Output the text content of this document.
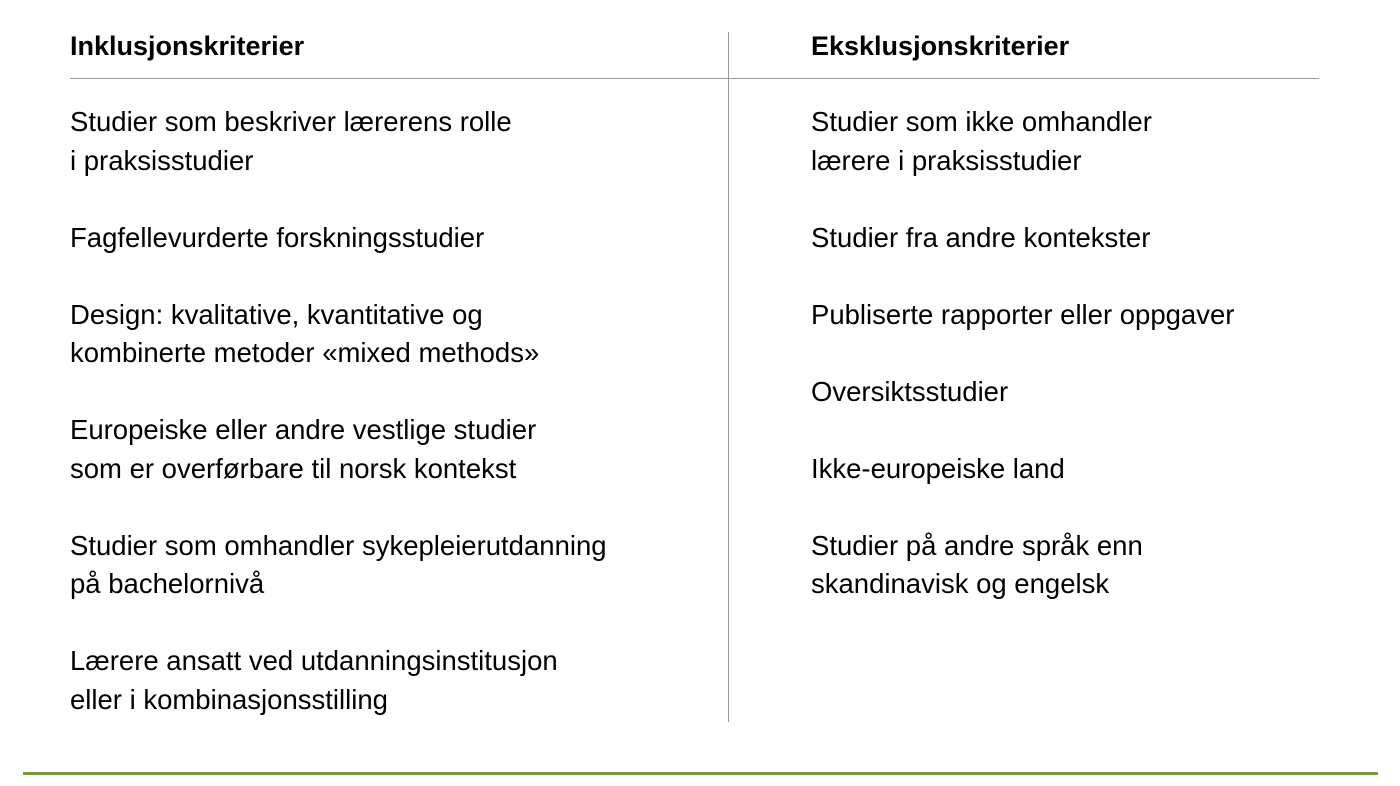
Inklusjonskriterier	Eksklusjonskriterier

Studier som beskriver lærerens rolle
i praksisstudier

Fagfellevurderte forskningsstudier

Design: kvalitative, kvantitative og
kombinerte metoder «mixed methods»

Europeiske eller andre vestlige studier
som er overførbare til norsk kontekst

Studier som omhandler sykepleierutdanning
på bachelornivå

Lærere ansatt ved utdanningsinstitusjon
eller i kombinasjonsstilling

Studier som ikke omhandler
lærere i praksisstudier

Studier fra andre kontekster

Publiserte rapporter eller oppgaver

Oversiktsstudier

Ikke-europeiske land

Studier på andre språk enn
skandinavisk og engelsk
